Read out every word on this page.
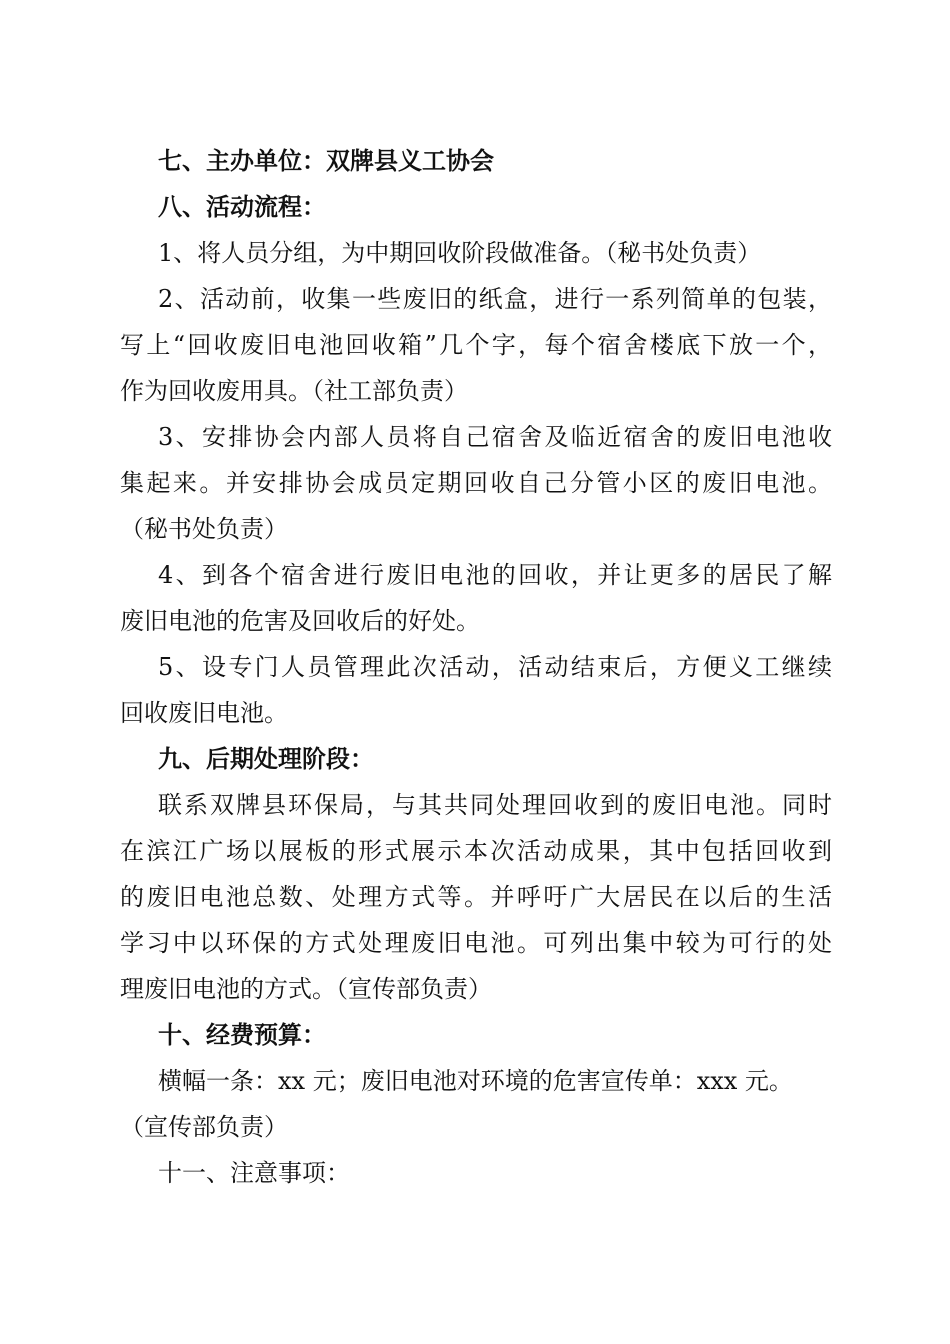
七、主办单位：双牌县义工协会
八、活动流程：
1、将人员分组，为中期回收阶段做准备。（秘书处负责）
2、活动前，收集一些废旧的纸盒，进行一系列简单的包装，
写上“回收废旧电池回收箱”几个字，每个宿舍楼底下放一个，
作为回收废用具。（社工部负责）
3、安排协会内部人员将自己宿舍及临近宿舍的废旧电池收
集起来。并安排协会成员定期回收自己分管小区的废旧电池。
（秘书处负责）
4、到各个宿舍进行废旧电池的回收，并让更多的居民了解
废旧电池的危害及回收后的好处。
5、设专门人员管理此次活动，活动结束后，方便义工继续
回收废旧电池。
九、后期处理阶段：
联系双牌县环保局，与其共同处理回收到的废旧电池。同时
在滨江广场以展板的形式展示本次活动成果，其中包括回收到
的废旧电池总数、处理方式等。并呼吁广大居民在以后的生活
学习中以环保的方式处理废旧电池。可列出集中较为可行的处
理废旧电池的方式。（宣传部负责）
十、经费预算：
横幅一条：xx 元；废旧电池对环境的危害宣传单：xxx 元。
（宣传部负责）
十一、注意事项：
